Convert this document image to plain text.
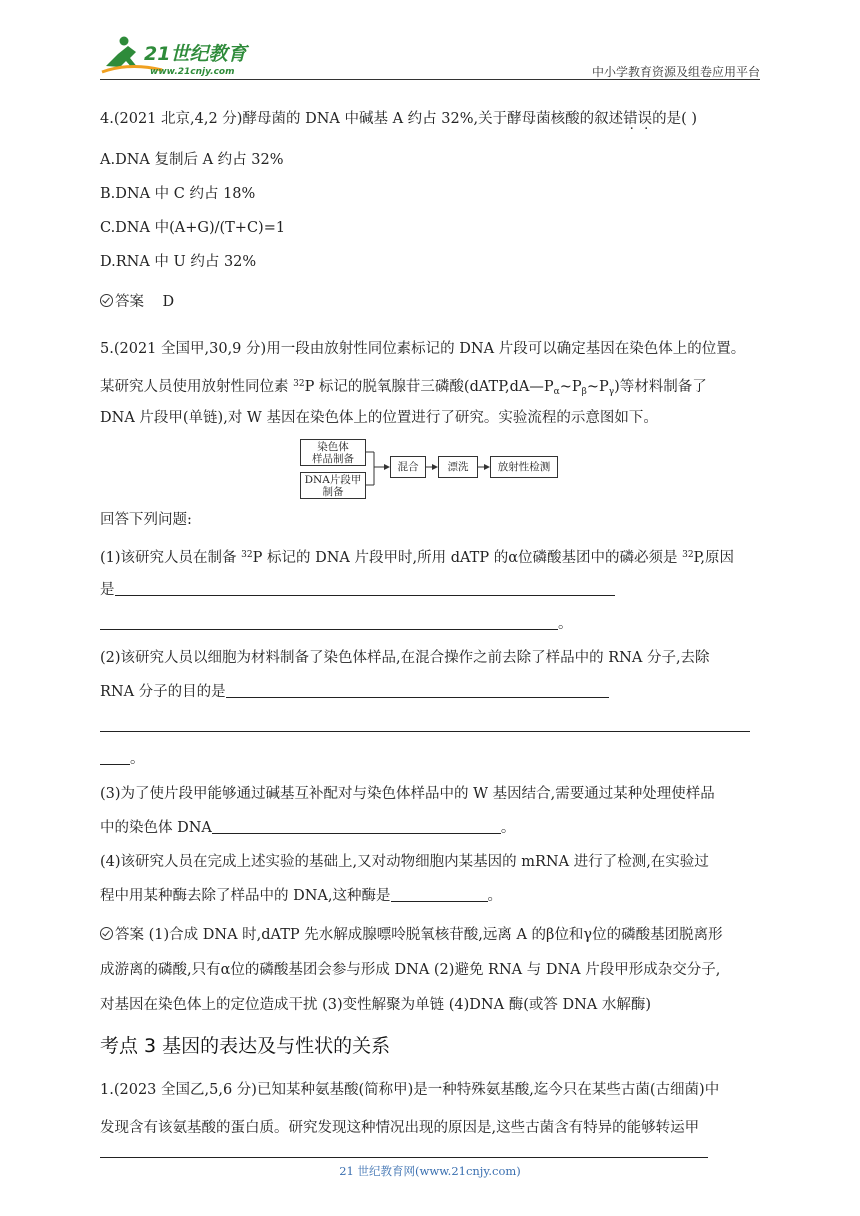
21世纪教育
www.21cnjy.com	中小学教育资源及组卷应用平台
4.(2021 北京,4,2 分)酵母菌的 DNA 中碱基 A 约占 32%,关于酵母菌核酸的叙述错误的是( )
A.DNA 复制后 A 约占 32%
B.DNA 中 C 约占 18%
C.DNA 中(A+G)/(T+C)=1
D.RNA 中 U 约占 32%
答案 D
5.(2021 全国甲,30,9 分)用一段由放射性同位素标记的 DNA 片段可以确定基因在染色体上的位置。
某研究人员使用放射性同位素 $^{32}$P 标记的脱氧腺苷三磷酸$(dATP,dA—P_\alpha\sim P_\beta\sim P_\gamma)$等材料制备了
DNA 片段甲(单链),对 W 基因在染色体上的位置进行了研究。实验流程的示意图如下。
染色体
样品制备
DNA片段甲
制备
混合	漂洗	放射性检测
回答下列问题:
(1)该研究人员在制备 $^{32}$P 标记的 DNA 片段甲时,所用 dATP 的α位磷酸基团中的磷必须是 $^{32}$P,原因
是
。
(2)该研究人员以细胞为材料制备了染色体样品,在混合操作之前去除了样品中的 RNA 分子,去除
RNA 分子的目的是
。
(3)为了使片段甲能够通过碱基互补配对与染色体样品中的 W 基因结合,需要通过某种处理使样品
中的染色体 DNA	。
(4)该研究人员在完成上述实验的基础上,又对动物细胞内某基因的 mRNA 进行了检测,在实验过
程中用某种酶去除了样品中的 DNA,这种酶是	。
答案 (1)合成 DNA 时,dATP 先水解成腺嘌呤脱氧核苷酸,远离 A 的β位和γ位的磷酸基团脱离形
成游离的磷酸,只有α位的磷酸基团会参与形成 DNA (2)避免 RNA 与 DNA 片段甲形成杂交分子,
对基因在染色体上的定位造成干扰 (3)变性解聚为单链 (4)DNA 酶(或答 DNA 水解酶)
考点 3 基因的表达及与性状的关系
1.(2023 全国乙,5,6 分)已知某种氨基酸(简称甲)是一种特殊氨基酸,迄今只在某些古菌(古细菌)中
发现含有该氨基酸的蛋白质。研究发现这种情况出现的原因是,这些古菌含有特异的能够转运甲
21 世纪教育网(www.21cnjy.com)
